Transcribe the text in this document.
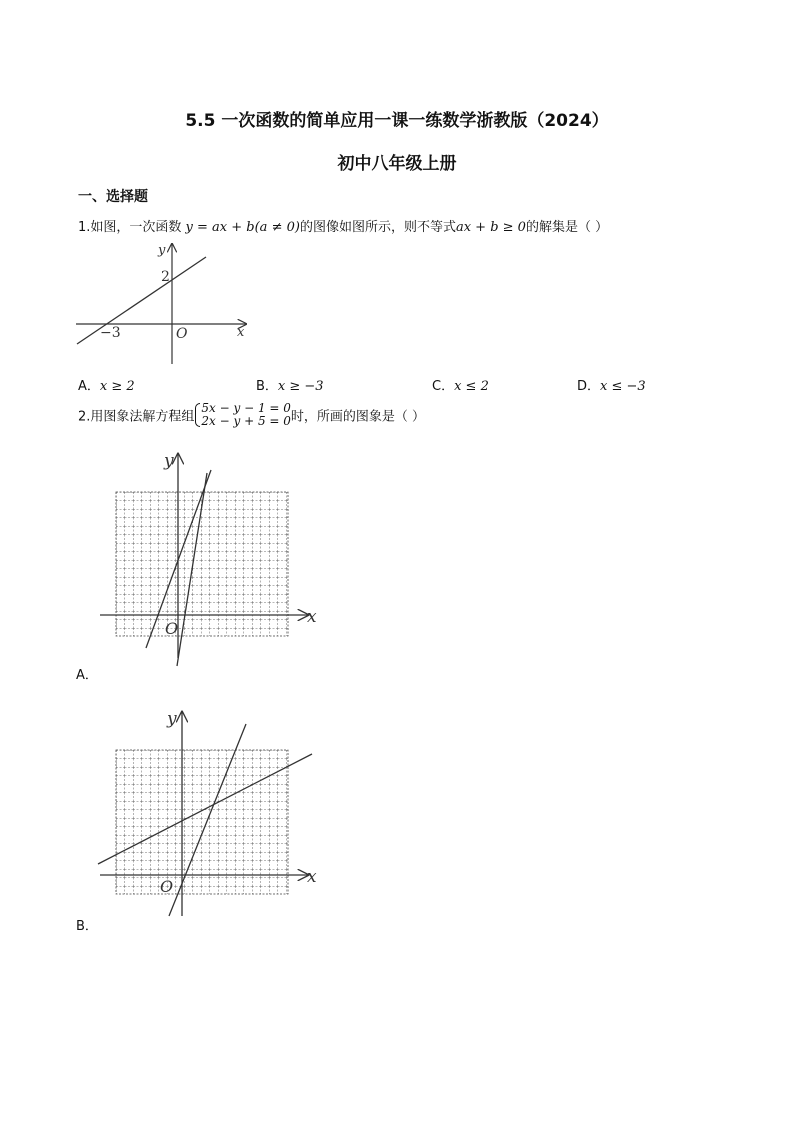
5.5 一次函数的简单应用一课一练数学浙教版（2024）
初中八年级上册
一、选择题
1.如图，一次函数 y = ax + b(a ≠ 0)的图像如图所示，则不等式ax + b ≥ 0的解集是（ ）
y
x
O
2
−3
A．x ≥ 2	B．x ≥ −3	C．x ≤ 2	D．x ≤ −3
2.用图象法解方程组
5x − y − 1 = 0
2x − y + 5 = 0 时，所画的图象是（ ）
y
x
O
A．
y
x
O
B．
